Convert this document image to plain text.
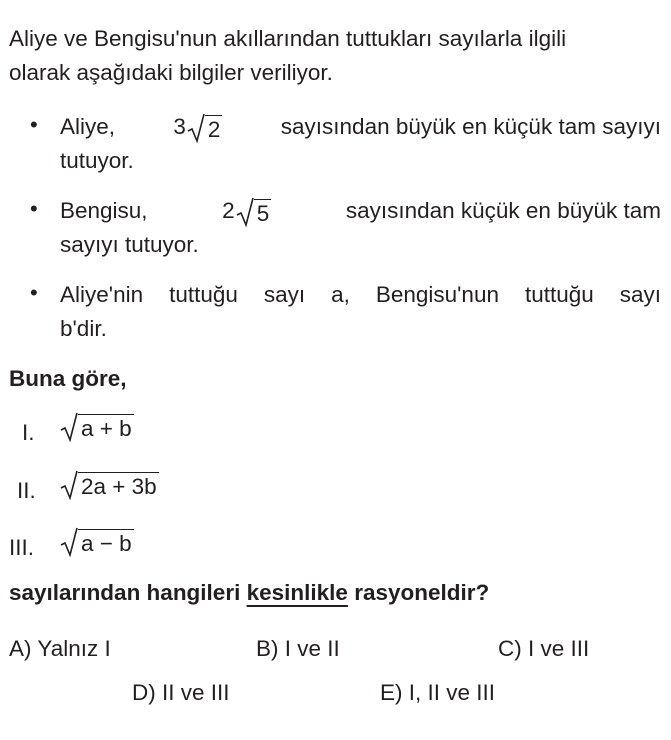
Aliye ve Bengisu'nun akıllarından tuttukları sayılarla ilgili
olarak aşağıdaki bilgiler veriliyor.
• Aliye,	3 2	sayısından büyük en küçük tam sayıyı
tutuyor.
• Bengisu,	2 5	sayısından küçük en büyük tam
sayıyı tutuyor.
• Aliye'nin tuttuğu sayı a, Bengisu'nun tuttuğu sayı
b'dir.
Buna göre,
I. a + b
II. 2a + 3b
III. a − b
sayılarından hangileri kesinlikle rasyoneldir?
A) Yalnız I	B) I ve II	C) I ve III
D) II ve III	E) I, II ve III
